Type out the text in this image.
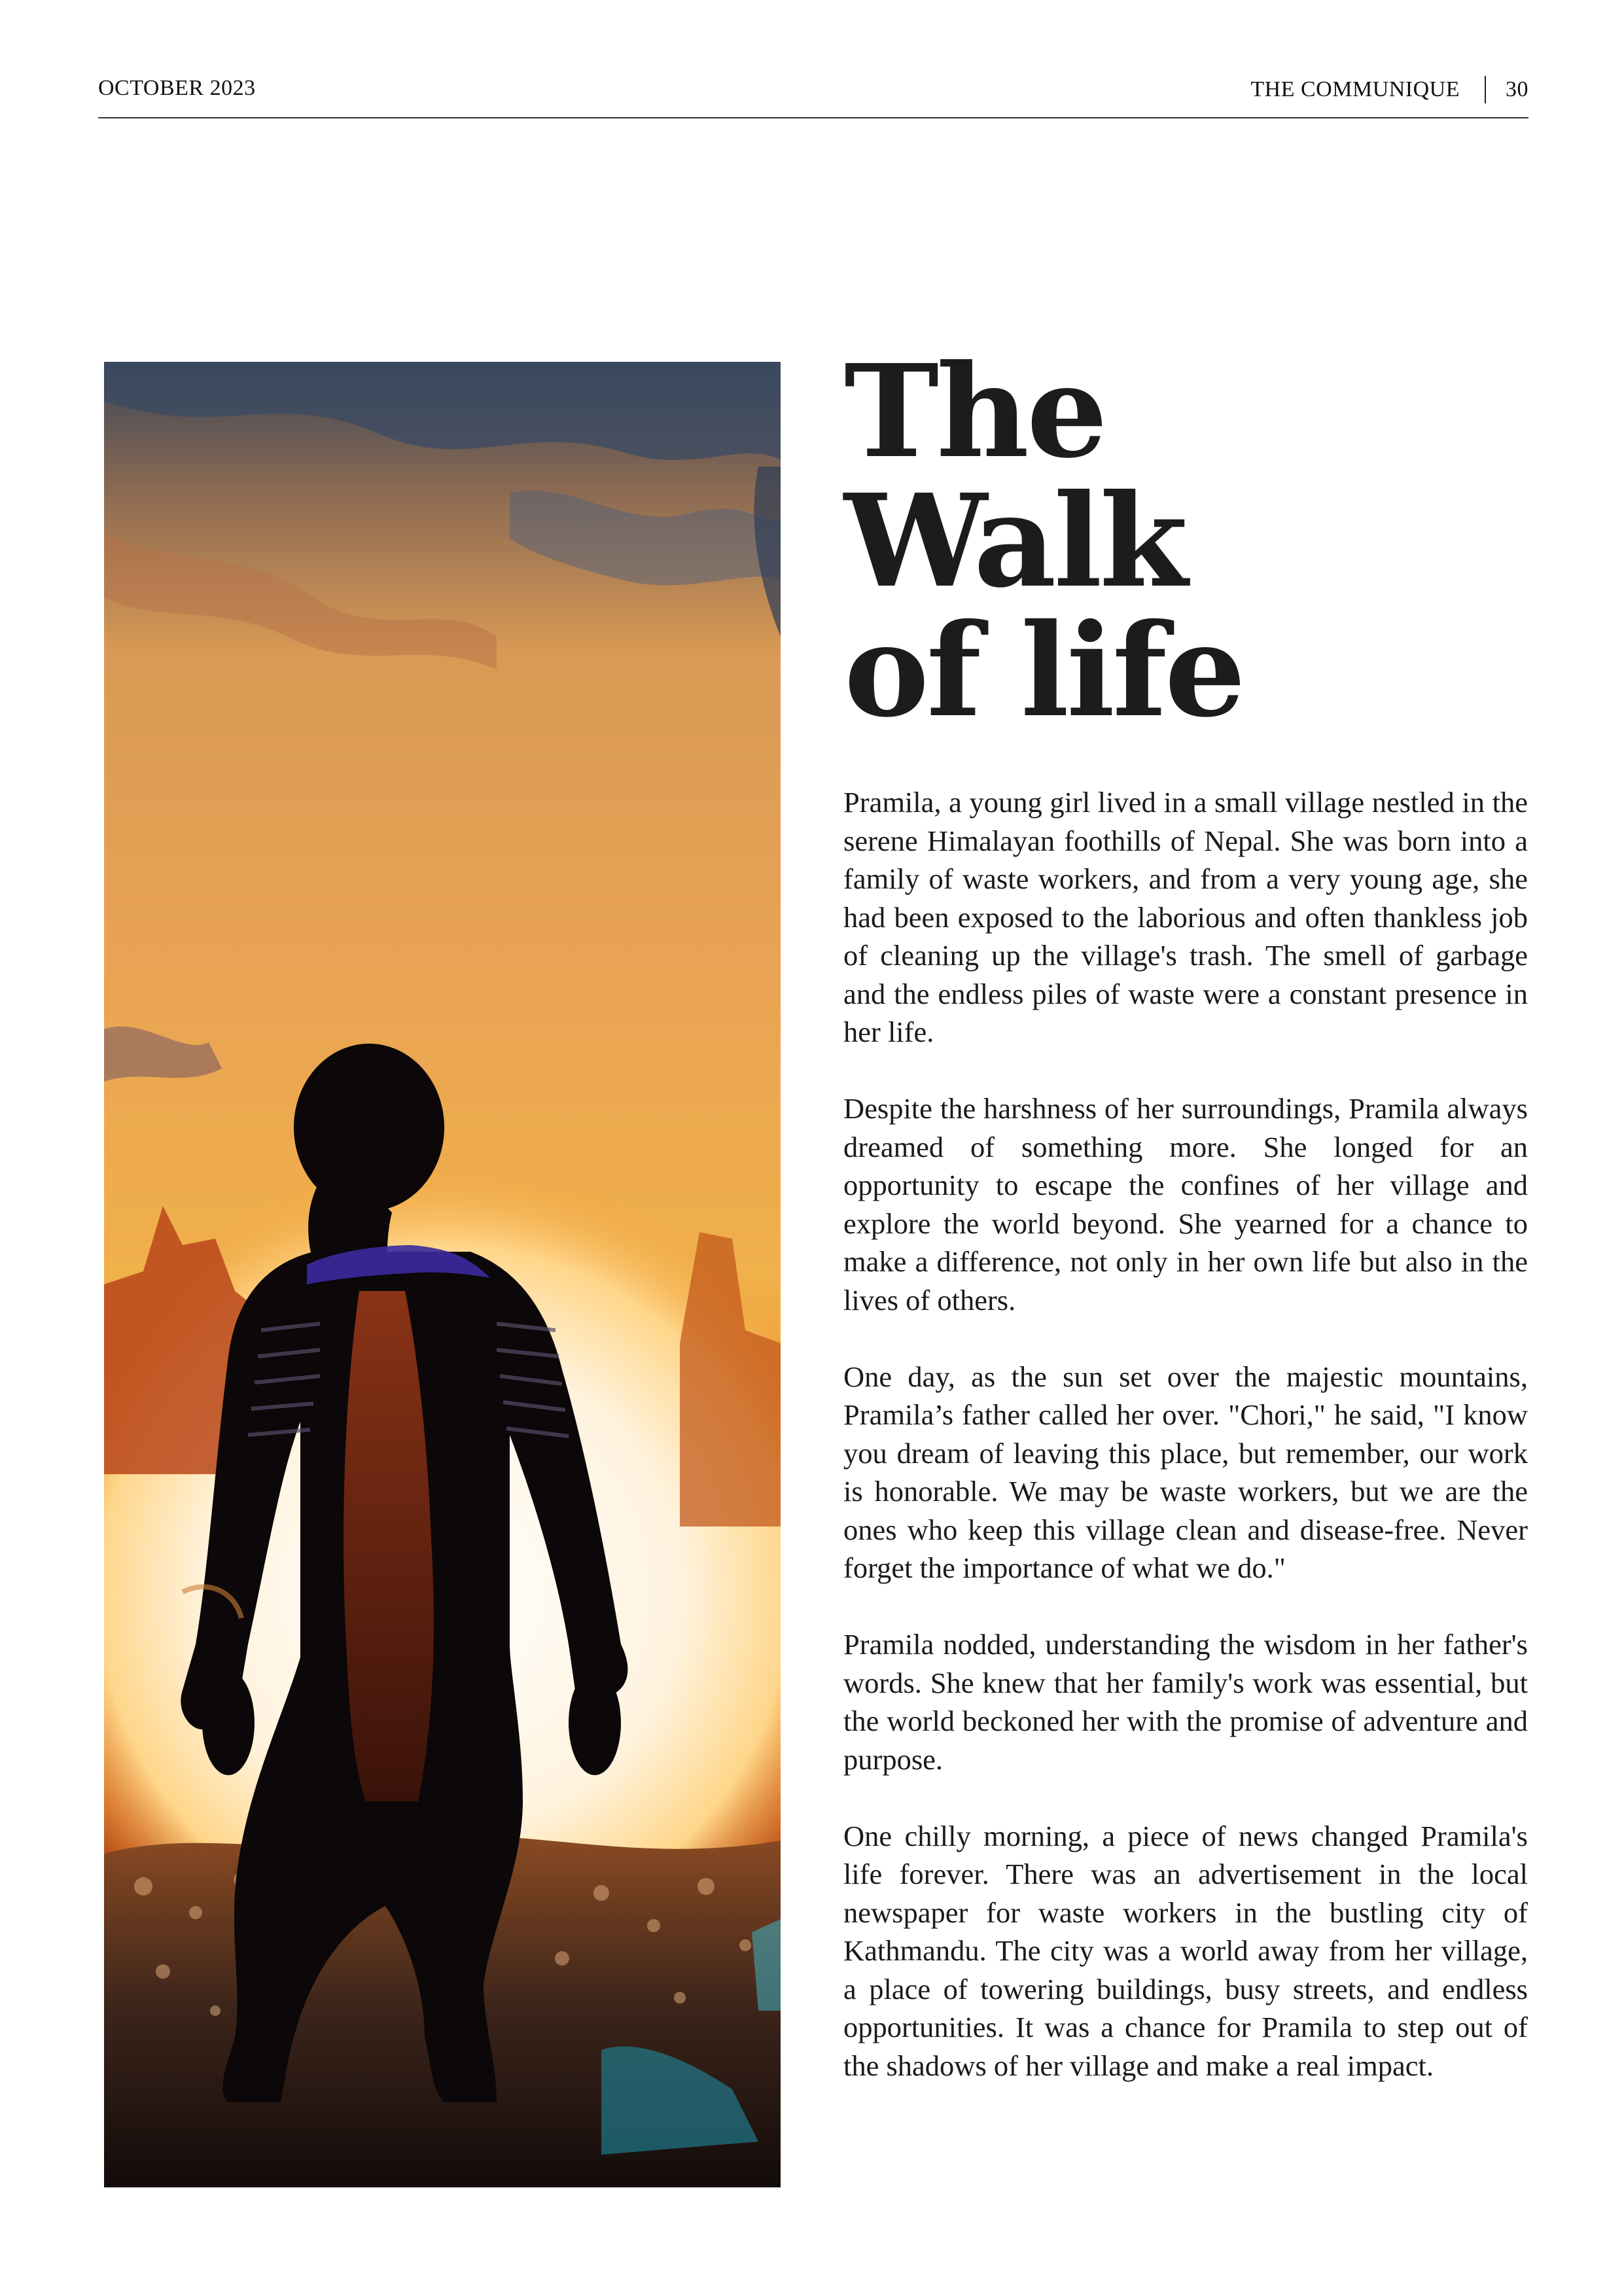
OCTOBER 2023	THE COMMUNIQUE 30
The
Walk
of life

Pramila, a young girl lived in a small village nestled in the serene Himalayan foothills of Nepal. She was born into a family of waste workers, and from a very young age, she had been exposed to the laborious and often thankless job of cleaning up the village's trash. The smell of garbage and the endless piles of waste were a constant presence in her life.

Despite the harshness of her surroundings, Pramila always dreamed of something more. She longed for an opportunity to escape the confines of her village and explore the world beyond. She yearned for a chance to make a difference, not only in her own life but also in the lives of others.

One day, as the sun set over the majestic mountains, Pramila’s father called her over. "Chori," he said, "I know you dream of leaving this place, but remember, our work is honorable. We may be waste workers, but we are the ones who keep this village clean and disease-free. Never forget the importance of what we do."

Pramila nodded, understanding the wisdom in her father's words. She knew that her family's work was essential, but the world beckoned her with the promise of adventure and purpose.

One chilly morning, a piece of news changed Pramila's life forever. There was an advertisement in the local newspaper for waste workers in the bustling city of Kathmandu. The city was a world away from her village, a place of towering buildings, busy streets, and endless opportunities. It was a chance for Pramila to step out of the shadows of her village and make a real impact.
